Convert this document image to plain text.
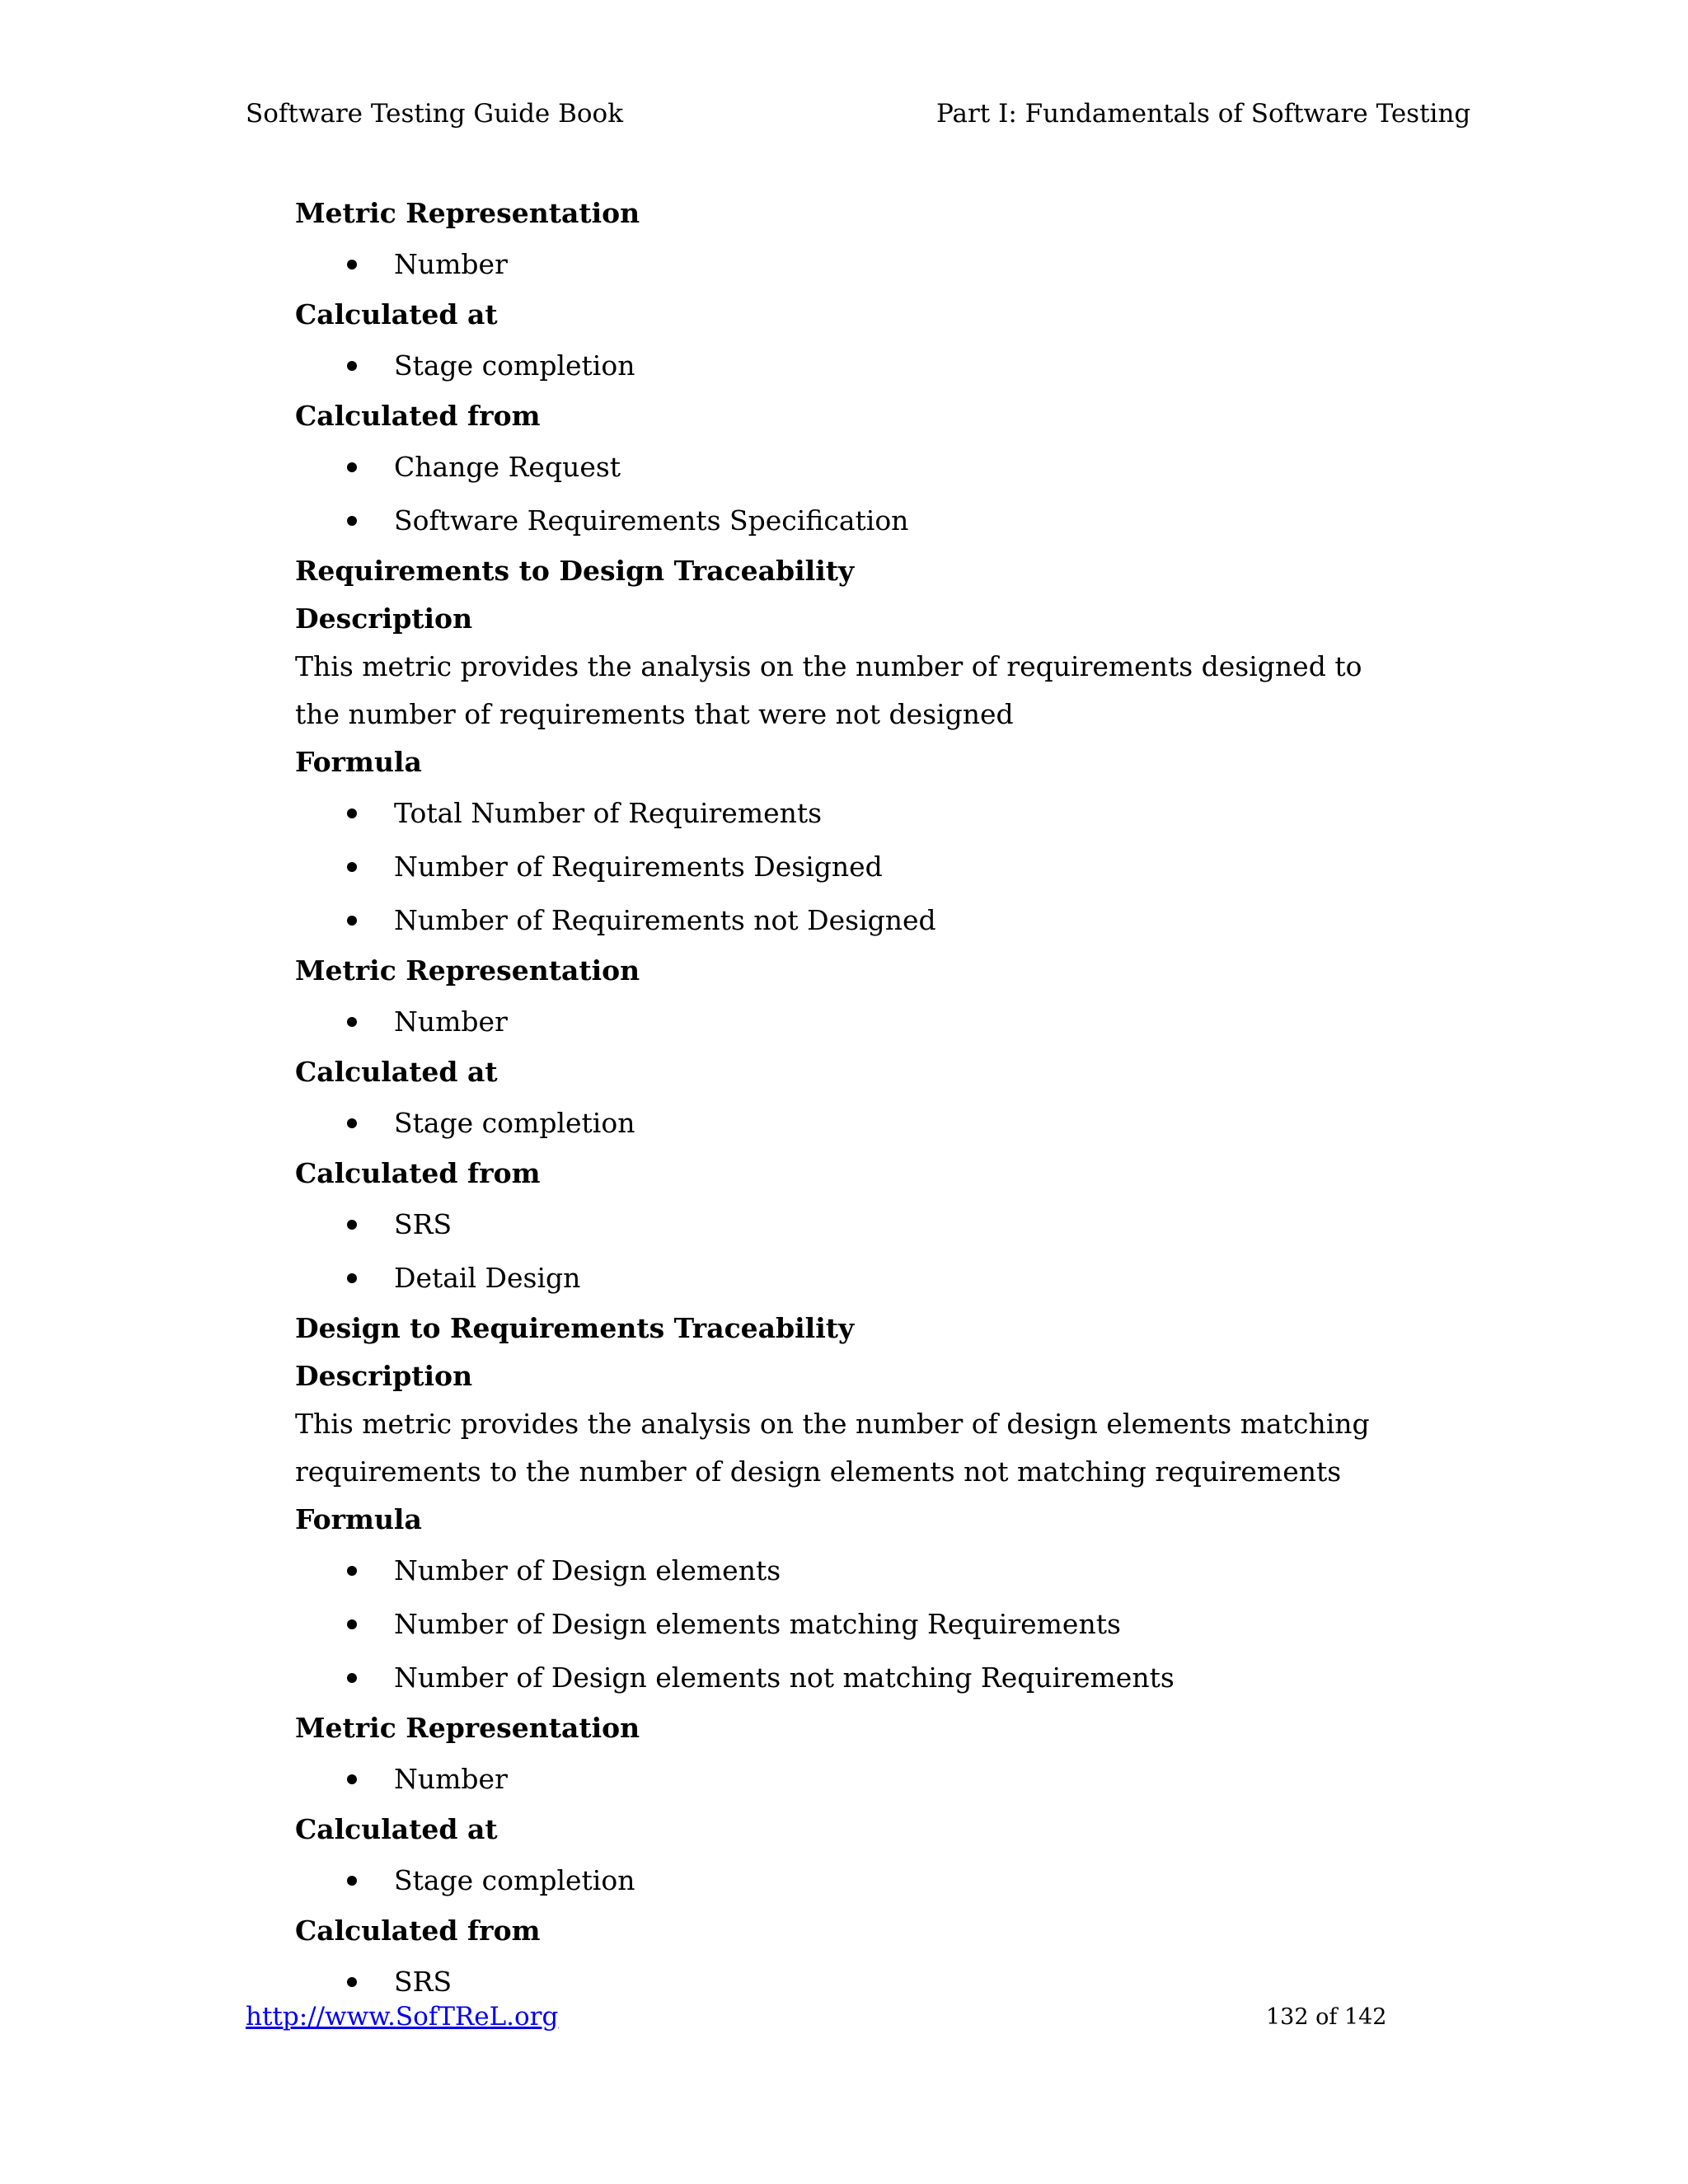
Software Testing Guide Book	Part I: Fundamentals of Software Testing
Metric Representation
Number
Calculated at
Stage completion
Calculated from
Change Request
Software Requirements Specification
Requirements to Design Traceability
Description

This metric provides the analysis on the number of requirements designed to the number of requirements that were not designed

Formula
Total Number of Requirements
Number of Requirements Designed
Number of Requirements not Designed
Metric Representation
Number
Calculated at
Stage completion
Calculated from
SRS
Detail Design
Design to Requirements Traceability
Description

This metric provides the analysis on the number of design elements matching requirements to the number of design elements not matching requirements

Formula
Number of Design elements
Number of Design elements matching Requirements
Number of Design elements not matching Requirements
Metric Representation
Number
Calculated at
Stage completion
Calculated from
SRS
http://www.SofTReL.org	132 of 142
